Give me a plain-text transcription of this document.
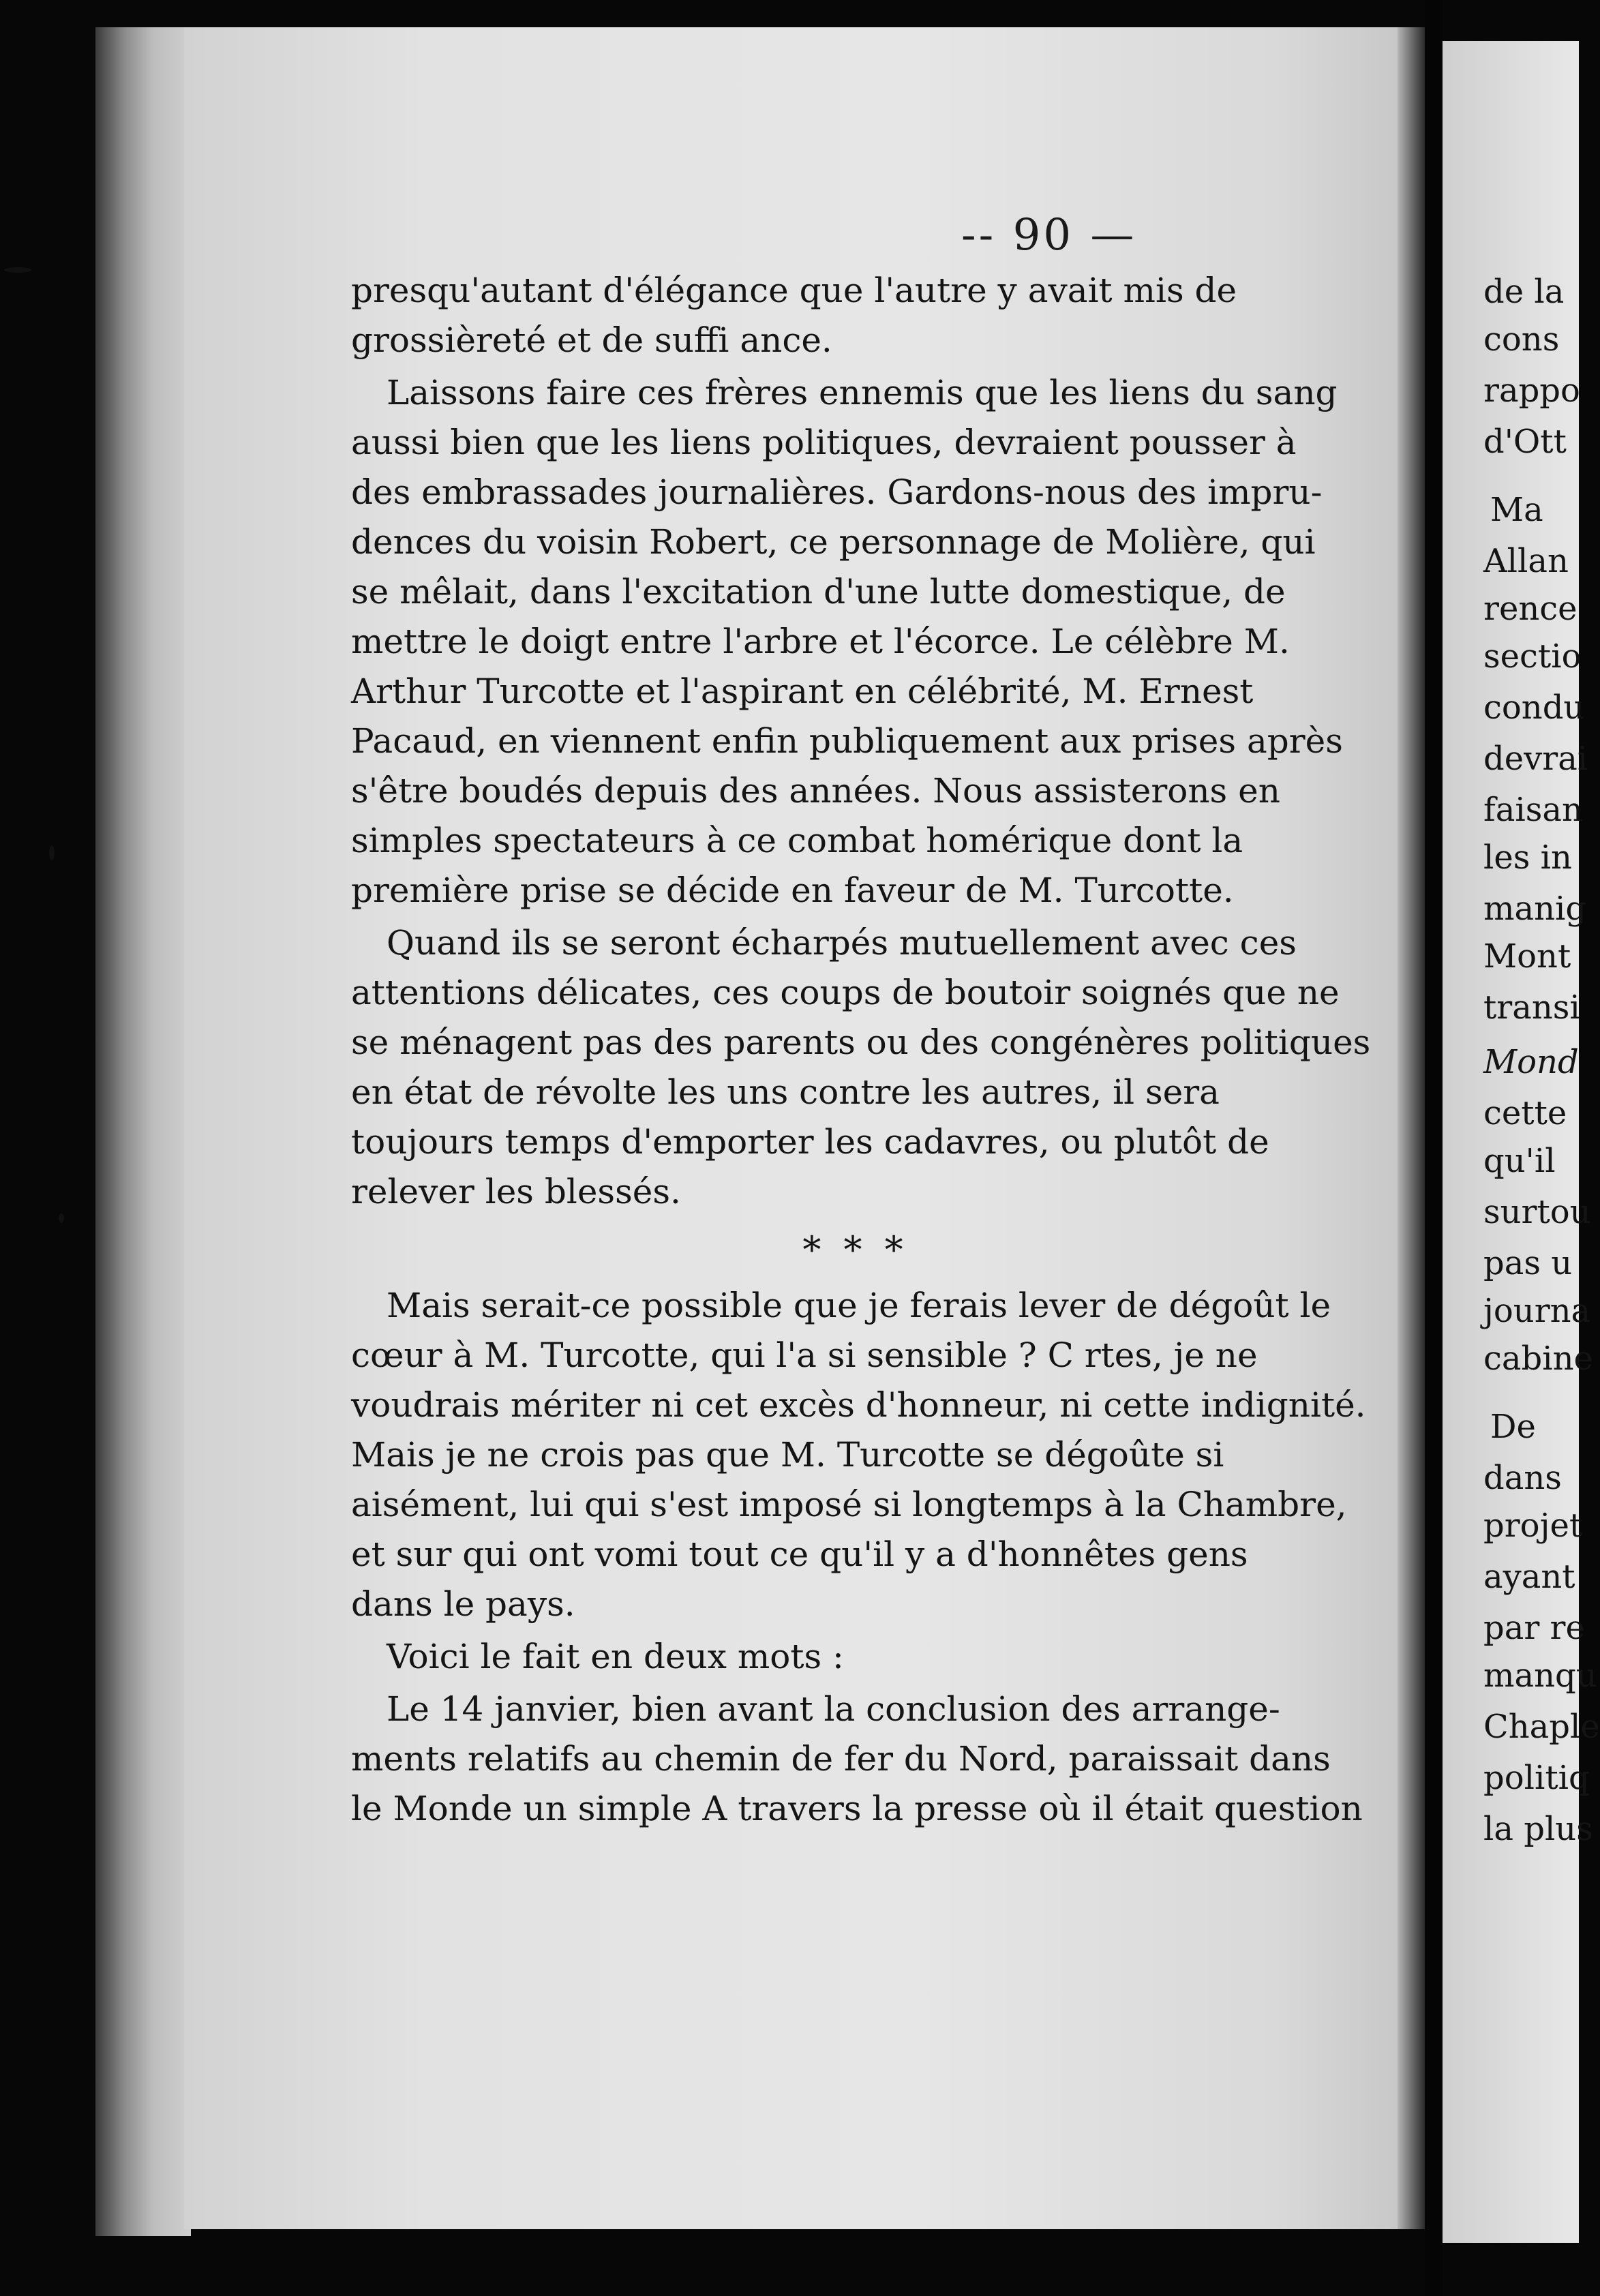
-- 90 —
de la
cons
rappo
d'Ott
Ma
Allan
rence
sectio
condu
devrai
faisan
les in
manig
Mont
transi
Mond
cette
qu'il
surtou
pas u
journa
cabine
De
dans
projet
ayant
par re
manqu
Chaple
politiq
la plus

presqu'autant d'élégance que l'autre y avait mis de
grossièreté et de suffi ance.

Laissons faire ces frères ennemis que les liens du sang
aussi bien que les liens politiques, devraient pousser à
des embrassades journalières. Gardons-nous des impru-
dences du voisin Robert, ce personnage de Molière, qui
se mêlait, dans l'excitation d'une lutte domestique, de
mettre le doigt entre l'arbre et l'écorce. Le célèbre M.
Arthur Turcotte et l'aspirant en célébrité, M. Ernest
Pacaud, en viennent enfin publiquement aux prises après
s'être boudés depuis des années. Nous assisterons en
simples spectateurs à ce combat homérique dont la
première prise se décide en faveur de M. Turcotte.

Quand ils se seront écharpés mutuellement avec ces
attentions délicates, ces coups de boutoir soignés que ne
se ménagent pas des parents ou des congénères politiques
en état de révolte les uns contre les autres, il sera
toujours temps d'emporter les cadavres, ou plutôt de
relever les blessés.

* * *

Mais serait-ce possible que je ferais lever de dégoût le
cœur à M. Turcotte, qui l'a si sensible ? C rtes, je ne
voudrais mériter ni cet excès d'honneur, ni cette indignité.
Mais je ne crois pas que M. Turcotte se dégoûte si
aisément, lui qui s'est imposé si longtemps à la Chambre,
et sur qui ont vomi tout ce qu'il y a d'honnêtes gens
dans le pays.

Voici le fait en deux mots :

Le 14 janvier, bien avant la conclusion des arrange-
ments relatifs au chemin de fer du Nord, paraissait dans
le Monde un simple A travers la presse où il était question
